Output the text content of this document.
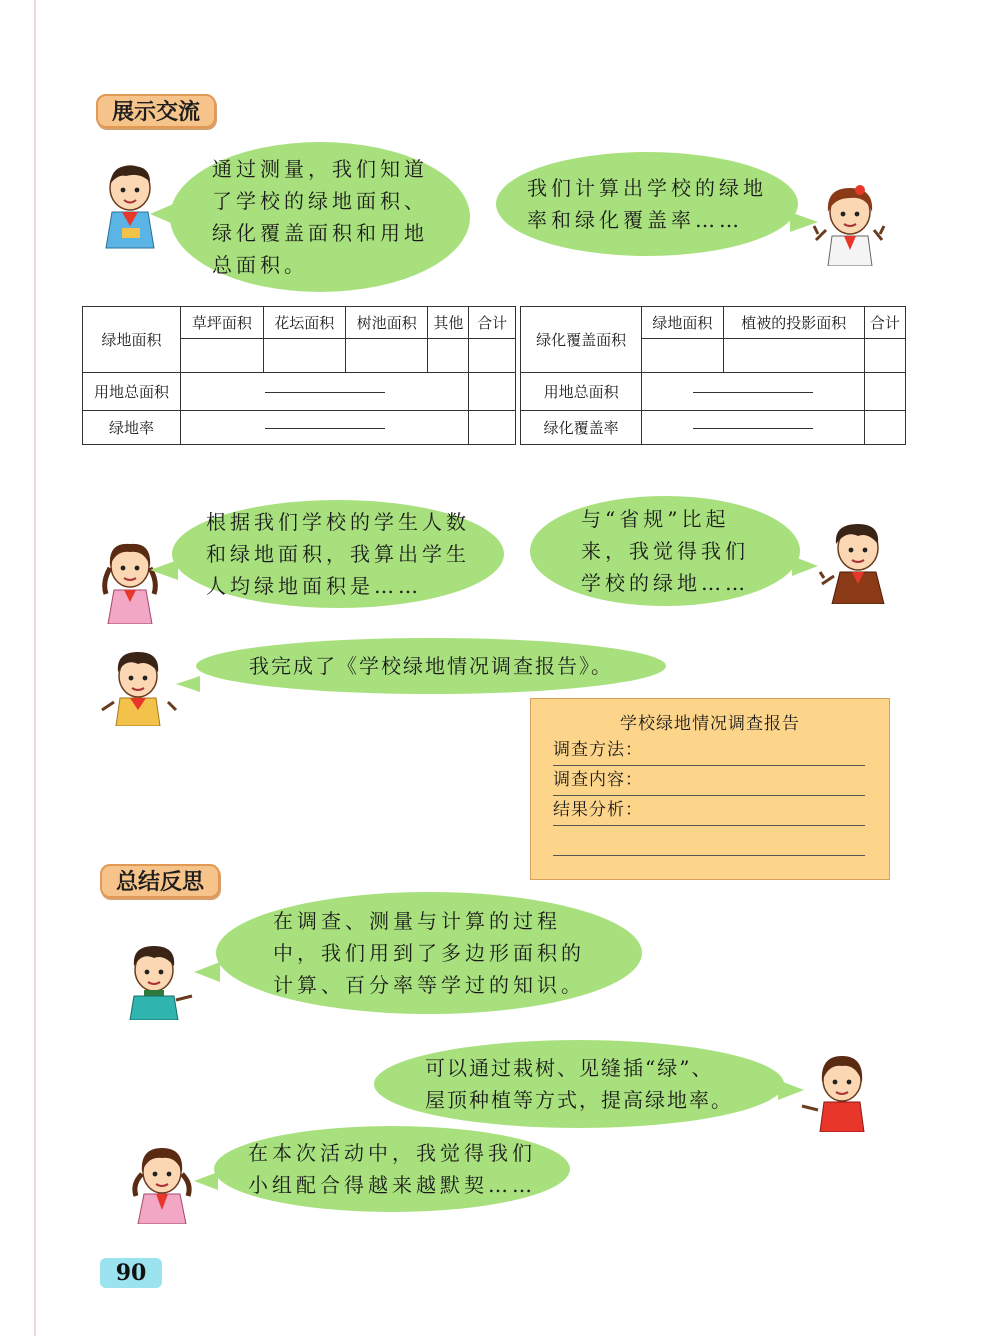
展示交流
通过测量，我们知道
了学校的绿地面积、
绿化覆盖面积和用地
总面积。
我们计算出学校的绿地
率和绿化覆盖率……
绿地面积	草坪面积	花坛面积	树池面积	其他	合计

用地总面积					
绿地率					
绿化覆盖面积	绿地面积	植被的投影面积	合计

用地总面积			
绿化覆盖率			
根据我们学校的学生人数
和绿地面积，我算出学生
人均绿地面积是……
与“省规”比起
来，我觉得我们
学校的绿地……
我完成了《学校绿地情况调查报告》。
学校绿地情况调查报告
调查方法：
调查内容：
结果分析：
总结反思
在调查、测量与计算的过程
中，我们用到了多边形面积的
计算、百分率等学过的知识。
可以通过栽树、见缝插“绿”、
屋顶种植等方式，提高绿地率。
在本次活动中，我觉得我们
小组配合得越来越默契……
90
